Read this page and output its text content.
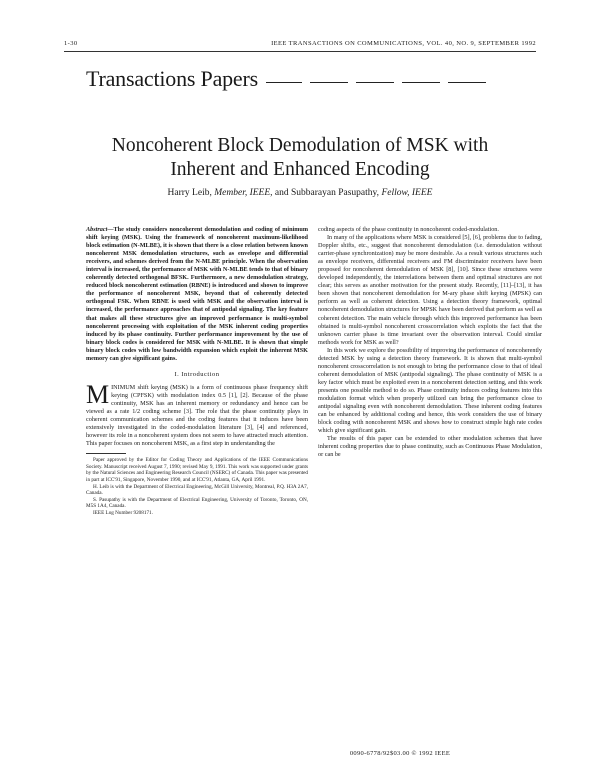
1-30	IEEE TRANSACTIONS ON COMMUNICATIONS, VOL. 40, NO. 9, SEPTEMBER 1992
Transactions Papers
Noncoherent Block Demodulation of MSK with
Inherent and Enhanced Encoding
Harry Leib, Member, IEEE, and Subbarayan Pasupathy, Fellow, IEEE
Abstract—The study considers noncoherent demodulation and coding of minimum shift keying (MSK). Using the framework of noncoherent maximum-likelihood block estimation (N-MLBE), it is shown that there is a close relation between known noncoherent MSK demodulation structures, such as envelope and differential receivers, and schemes derived from the N-MLBE principle. When the observation interval is increased, the performance of MSK with N-MLBE tends to that of binary coherently detected orthogonal BFSK. Furthermore, a new demodulation strategy, reduced block noncoherent estimation (RBNE) is introduced and shown to improve the performance of noncoherent MSK, beyond that of coherently detected orthogonal FSK. When RBNE is used with MSK and the observation interval is increased, the performance approaches that of antipodal signaling. The key feature that makes all these structures give an improved performance is multi-symbol noncoherent processing with exploitation of the MSK inherent coding properties induced by its phase continuity. Further performance improvement by the use of binary block codes is considered for MSK with N-MLBE. It is shown that simple binary block codes with low bandwidth expansion which exploit the inherent MSK memory can give significant gains.
I. Introduction
MINIMUM shift keying (MSK) is a form of continuous phase frequency shift keying (CPFSK) with modulation index 0.5 [1], [2]. Because of the phase continuity, MSK has an inherent memory or redundancy and hence can be viewed as a rate 1/2 coding scheme [3]. The role that the phase continuity plays in coherent communication schemes and the coding features that it induces have been extensively investigated in the coded-modulation literature [3], [4] and referenced, however its role in a noncoherent system does not seem to have attracted much attention. This paper focuses on noncoherent MSK, as a first step in understanding the
Paper approved by the Editor for Coding Theory and Applications of the IEEE Communications Society. Manuscript received August 7, 1990; revised May 9, 1991. This work was supported under grants by the Natural Sciences and Engineering Research Council (NSERC) of Canada. This paper was presented in part at ICC'91, Singapore, November 1990, and at ICC'91, Atlanta, GA, April 1991.
H. Leib is with the Department of Electrical Engineering, McGill University, Montreal, P.Q. H3A 2A7, Canada.
S. Pasupathy is with the Department of Electrical Engineering, University of Toronto, Toronto, ON, M5S 1A4, Canada.
IEEE Log Number 9208171.
coding aspects of the phase continuity in noncoherent coded-modulation.
In many of the applications where MSK is considered [5], [6], problems due to fading, Doppler shifts, etc., suggest that noncoherent demodulation (i.e. demodulation without carrier-phase synchronization) may be more desirable. As a result various structures such as envelope receivers, differential receivers and FM discriminator receivers have been proposed for noncoherent demodulation of MSK [8], [10]. Since these structures were developed independently, the interrelations between them and optimal structures are not clear; this serves as another motivation for the present study. Recently, [11]–[13], it has been shown that noncoherent demodulation for M-ary phase shift keying (MPSK) can perform as well as coherent detection. Using a detection theory framework, optimal noncoherent demodulation structures for MPSK have been derived that perform as well as coherent detection. The main vehicle through which this improved performance has been obtained is multi-symbol noncoherent crosscorrelation which exploits the fact that the unknown carrier phase is time invariant over the observation interval. Could similar methods work for MSK as well?
In this work we explore the possibility of improving the performance of noncoherently detected MSK by using a detection theory framework. It is shown that multi-symbol noncoherent crosscorrelation is not enough to bring the performance close to that of ideal coherent demodulation of MSK (antipodal signaling). The phase continuity of MSK is a key factor which must be exploited even in a noncoherent detection setting, and this work presents one possible method to do so. Phase continuity induces coding features into this modulation format which when properly utilized can bring the performance close to antipodal signaling even with noncoherent demodulation. These inherent coding features can be enhanced by additional coding and hence, this work considers the use of binary block coding with noncoherent MSK and shows how to construct simple high rate codes which give significant gain.
The results of this paper can be extended to other modulation schemes that have inherent coding properties due to phase continuity, such as Continuous Phase Modulation, or can be
0090-6778/92$03.00 © 1992 IEEE
